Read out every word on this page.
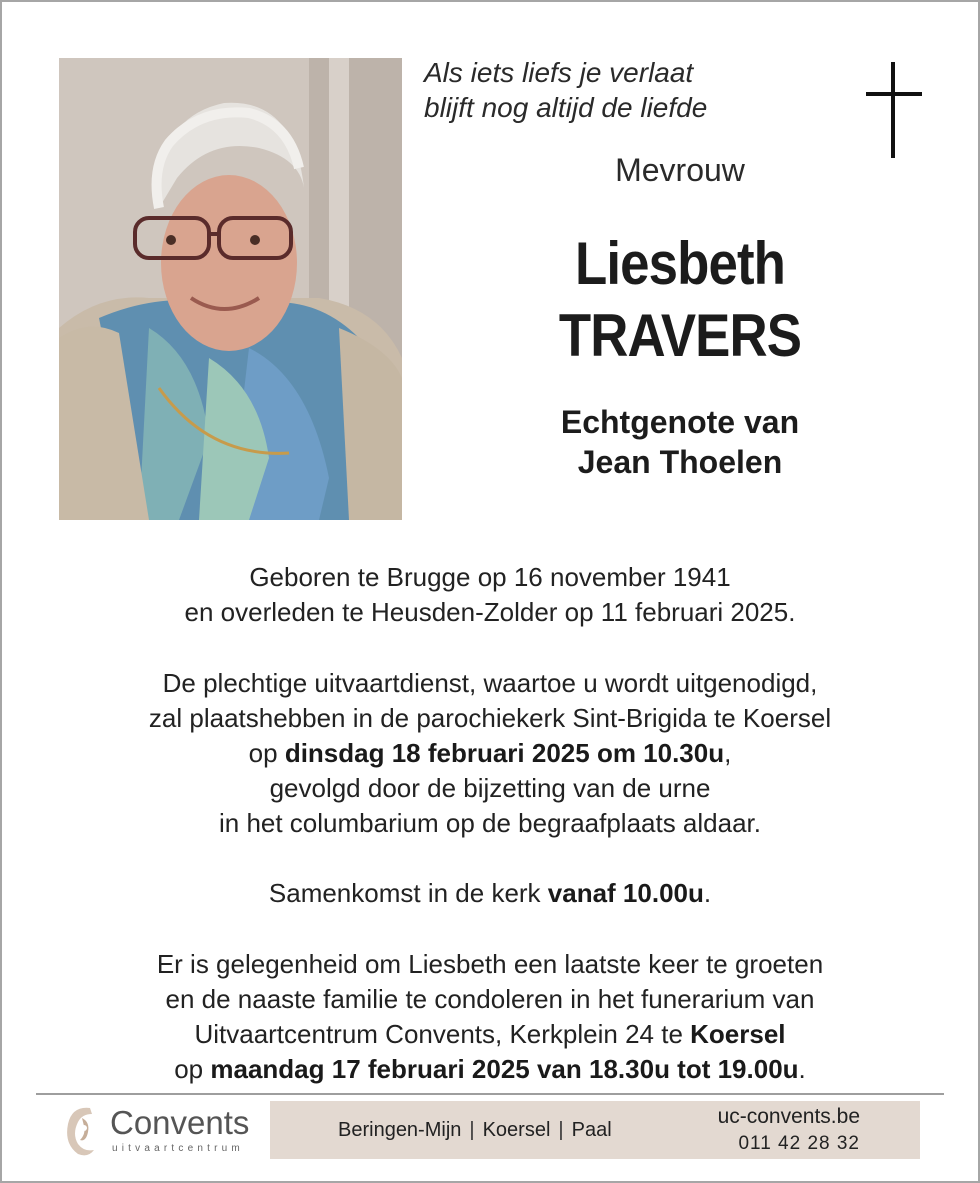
Als iets liefs je verlaat
blijft nog altijd de liefde
Mevrouw
Liesbeth
TRAVERS
Echtgenote van
Jean Thoelen
Geboren te Brugge op 16 november 1941
en overleden te Heusden-Zolder op 11 februari 2025.
De plechtige uitvaartdienst, waartoe u wordt uitgenodigd,
zal plaatshebben in de parochiekerk Sint-Brigida te Koersel
op dinsdag 18 februari 2025 om 10.30u,
gevolgd door de bijzetting van de urne
in het columbarium op de begraafplaats aldaar.
Samenkomst in de kerk vanaf 10.00u.
Er is gelegenheid om Liesbeth een laatste keer te groeten
en de naaste familie te condoleren in het funerarium van
Uitvaartcentrum Convents, Kerkplein 24 te Koersel
op maandag 17 februari 2025 van 18.30u tot 19.00u.
Convents
uitvaartcentrum
Beringen-Mijn | Koersel | Paal
uc-convents.be
011 42 28 32
